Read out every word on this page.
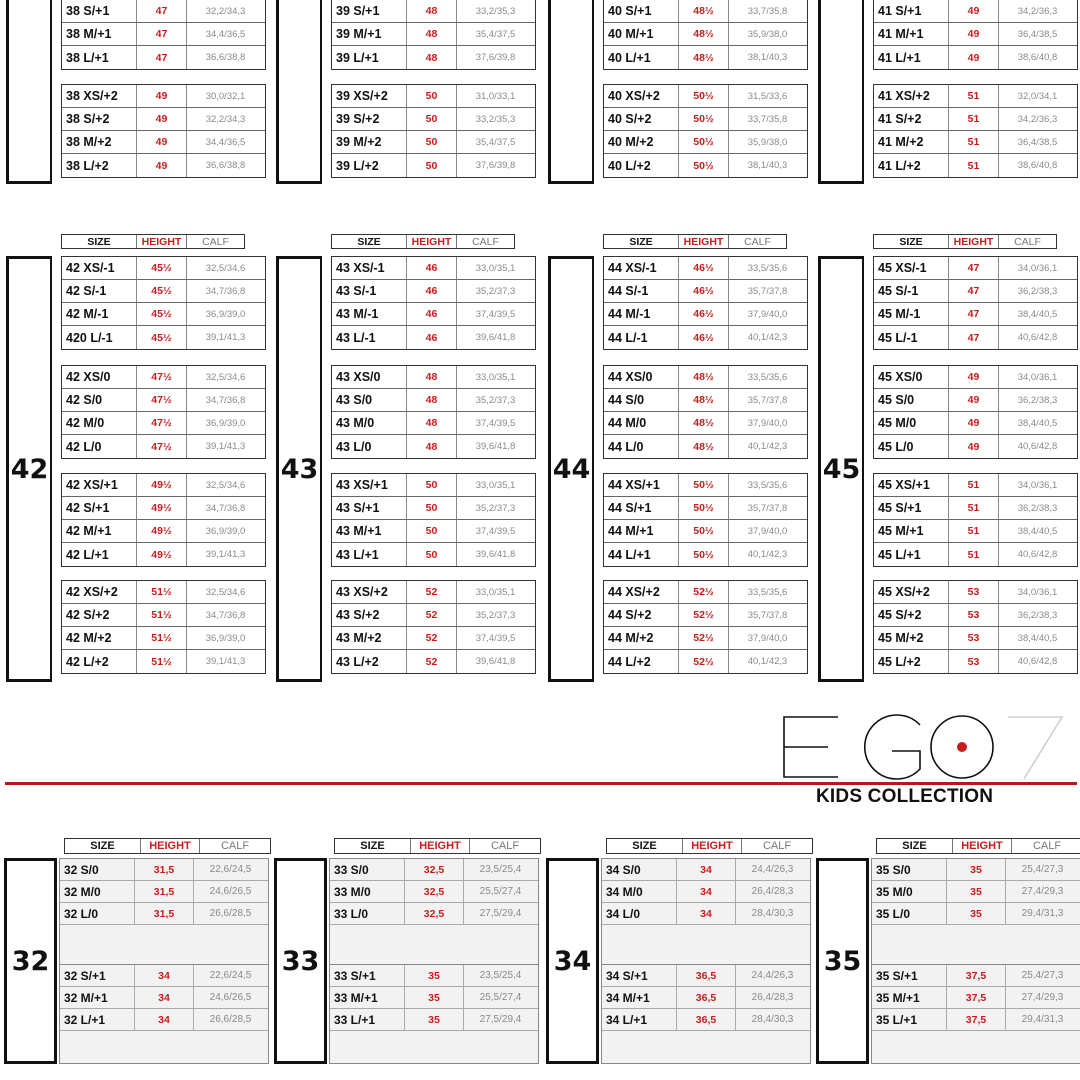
38 S/+1	47	32,2/34,3
38 M/+1	47	34,4/36,5
38 L/+1	47	36,6/38,8
38 XS/+2	49	30,0/32,1
38 S/+2	49	32,2/34,3
38 M/+2	49	34,4/36,5
38 L/+2	49	36,6/38,8
39 S/+1	48	33,2/35,3
39 M/+1	48	35,4/37,5
39 L/+1	48	37,6/39,8
39 XS/+2	50	31,0/33,1
39 S/+2	50	33,2/35,3
39 M/+2	50	35,4/37,5
39 L/+2	50	37,6/39,8
40 S/+1	48½	33,7/35,8
40 M/+1	48½	35,9/38,0
40 L/+1	48½	38,1/40,3
40 XS/+2	50½	31,5/33,6
40 S/+2	50½	33,7/35,8
40 M/+2	50½	35,9/38,0
40 L/+2	50½	38,1/40,3
41 S/+1	49	34,2/36,3
41 M/+1	49	36,4/38,5
41 L/+1	49	38,6/40,8
41 XS/+2	51	32,0/34,1
41 S/+2	51	34,2/36,3
41 M/+2	51	36,4/38,5
41 L/+2	51	38,6/40,8
SIZE	HEIGHT	CALF
42
42 XS/-1	45½	32,5/34,6
42 S/-1	45½	34,7/36,8
42 M/-1	45½	36,9/39,0
420 L/-1	45½	39,1/41,3
42 XS/0	47½	32,5/34,6
42 S/0	47½	34,7/36,8
42 M/0	47½	36,9/39,0
42 L/0	47½	39,1/41,3
42 XS/+1	49½	32,5/34,6
42 S/+1	49½	34,7/36,8
42 M/+1	49½	36,9/39,0
42 L/+1	49½	39,1/41,3
42 XS/+2	51½	32,5/34,6
42 S/+2	51½	34,7/36,8
42 M/+2	51½	36,9/39,0
42 L/+2	51½	39,1/41,3
SIZE	HEIGHT	CALF
43
43 XS/-1	46	33,0/35,1
43 S/-1	46	35,2/37,3
43 M/-1	46	37,4/39,5
43 L/-1	46	39,6/41,8
43 XS/0	48	33,0/35,1
43 S/0	48	35,2/37,3
43 M/0	48	37,4/39,5
43 L/0	48	39,6/41,8
43 XS/+1	50	33,0/35,1
43 S/+1	50	35,2/37,3
43 M/+1	50	37,4/39,5
43 L/+1	50	39,6/41,8
43 XS/+2	52	33,0/35,1
43 S/+2	52	35,2/37,3
43 M/+2	52	37,4/39,5
43 L/+2	52	39,6/41,8
SIZE	HEIGHT	CALF
44
44 XS/-1	46½	33,5/35,6
44 S/-1	46½	35,7/37,8
44 M/-1	46½	37,9/40,0
44 L/-1	46½	40,1/42,3
44 XS/0	48½	33,5/35,6
44 S/0	48½	35,7/37,8
44 M/0	48½	37,9/40,0
44 L/0	48½	40,1/42,3
44 XS/+1	50½	33,5/35,6
44 S/+1	50½	35,7/37,8
44 M/+1	50½	37,9/40,0
44 L/+1	50½	40,1/42,3
44 XS/+2	52½	33,5/35,6
44 S/+2	52½	35,7/37,8
44 M/+2	52½	37,9/40,0
44 L/+2	52½	40,1/42,3
SIZE	HEIGHT	CALF
45
45 XS/-1	47	34,0/36,1
45 S/-1	47	36,2/38,3
45 M/-1	47	38,4/40,5
45 L/-1	47	40,6/42,8
45 XS/0	49	34,0/36,1
45 S/0	49	36,2/38,3
45 M/0	49	38,4/40,5
45 L/0	49	40,6/42,8
45 XS/+1	51	34,0/36,1
45 S/+1	51	36,2/38,3
45 M/+1	51	38,4/40,5
45 L/+1	51	40,6/42,8
45 XS/+2	53	34,0/36,1
45 S/+2	53	36,2/38,3
45 M/+2	53	38,4/40,5
45 L/+2	53	40,6/42,8
SIZE	HEIGHT	CALF
32
32 S/0	31,5	22,6/24,5
32 M/0	31,5	24,6/26,5
32 L/0	31,5	26,6/28,5
32 S/+1	34	22,6/24,5
32 M/+1	34	24,6/26,5
32 L/+1	34	26,6/28,5
SIZE	HEIGHT	CALF
33
33 S/0	32,5	23,5/25,4
33 M/0	32,5	25,5/27,4
33 L/0	32,5	27,5/29,4
33 S/+1	35	23,5/25,4
33 M/+1	35	25,5/27,4
33 L/+1	35	27,5/29,4
SIZE	HEIGHT	CALF
34
34 S/0	34	24,4/26,3
34 M/0	34	26,4/28,3
34 L/0	34	28,4/30,3
34 S/+1	36,5	24,4/26,3
34 M/+1	36,5	26,4/28,3
34 L/+1	36,5	28,4/30,3
SIZE	HEIGHT	CALF
35
35 S/0	35	25,4/27,3
35 M/0	35	27,4/29,3
35 L/0	35	29,4/31,3
35 S/+1	37,5	25,4/27,3
35 M/+1	37,5	27,4/29,3
35 L/+1	37,5	29,4/31,3
KIDS COLLECTION
